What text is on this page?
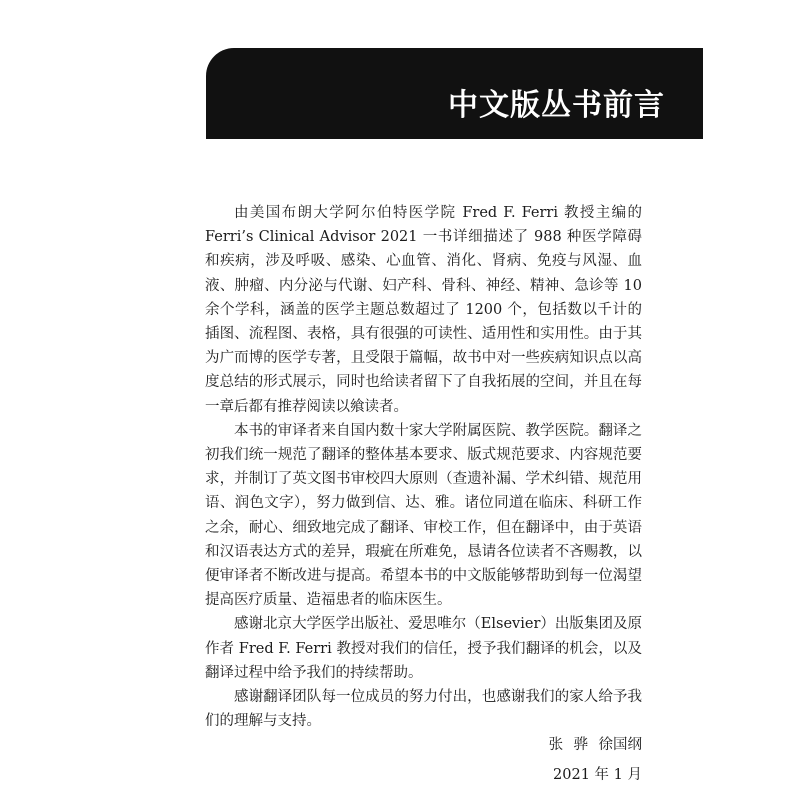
中文版丛书前言

由美国布朗大学阿尔伯特医学院 Fred F. Ferri 教授主编的 Ferri’s Clinical Advisor 2021 一书详细描述了 988 种医学障碍和疾病，涉及呼吸、感染、心血管、消化、肾病、免疫与风湿、血液、肿瘤、内分泌与代谢、妇产科、骨科、神经、精神、急诊等 10 余个学科，涵盖的医学主题总数超过了 1200 个，包括数以千计的插图、流程图、表格，具有很强的可读性、适用性和实用性。由于其为广而博的医学专著，且受限于篇幅，故书中对一些疾病知识点以高度总结的形式展示，同时也给读者留下了自我拓展的空间，并且在每一章后都有推荐阅读以飨读者。

本书的审译者来自国内数十家大学附属医院、教学医院。翻译之初我们统一规范了翻译的整体基本要求、版式规范要求、内容规范要求，并制订了英文图书审校四大原则（查遗补漏、学术纠错、规范用语、润色文字），努力做到信、达、雅。诸位同道在临床、科研工作之余，耐心、细致地完成了翻译、审校工作，但在翻译中，由于英语和汉语表达方式的差异，瑕疵在所难免，恳请各位读者不吝赐教，以便审译者不断改进与提高。希望本书的中文版能够帮助到每一位渴望提高医疗质量、造福患者的临床医生。

感谢北京大学医学出版社、爱思唯尔（Elsevier）出版集团及原作者 Fred F. Ferri 教授对我们的信任，授予我们翻译的机会，以及翻译过程中给予我们的持续帮助。

感谢翻译团队每一位成员的努力付出，也感谢我们的家人给予我们的理解与支持。

张 骅 徐国纲
2021 年 1 月
